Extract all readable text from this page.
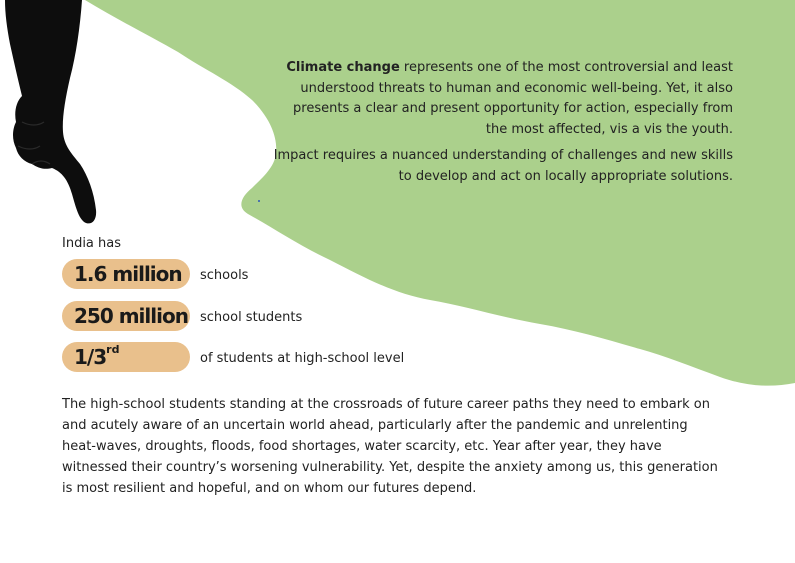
Climate change represents one of the most controversial and least understood threats to human and economic well-being. Yet, it also presents a clear and present opportunity for action, especially from the most affected, vis a vis the youth.

Impact requires a nuanced understanding of challenges and new skills to develop and act on locally appropriate solutions.

India has
1.6 million schools
250 million school students
1/3rd
of students at high-school level

The high-school students standing at the crossroads of future career paths they need to embark on and acutely aware of an uncertain world ahead, particularly after the pandemic and unrelenting heat-waves, droughts, floods, food shortages, water scarcity, etc. Year after year, they have witnessed their country’s worsening vulnerability. Yet, despite the anxiety among us, this generation is most resilient and hopeful, and on whom our futures depend.
